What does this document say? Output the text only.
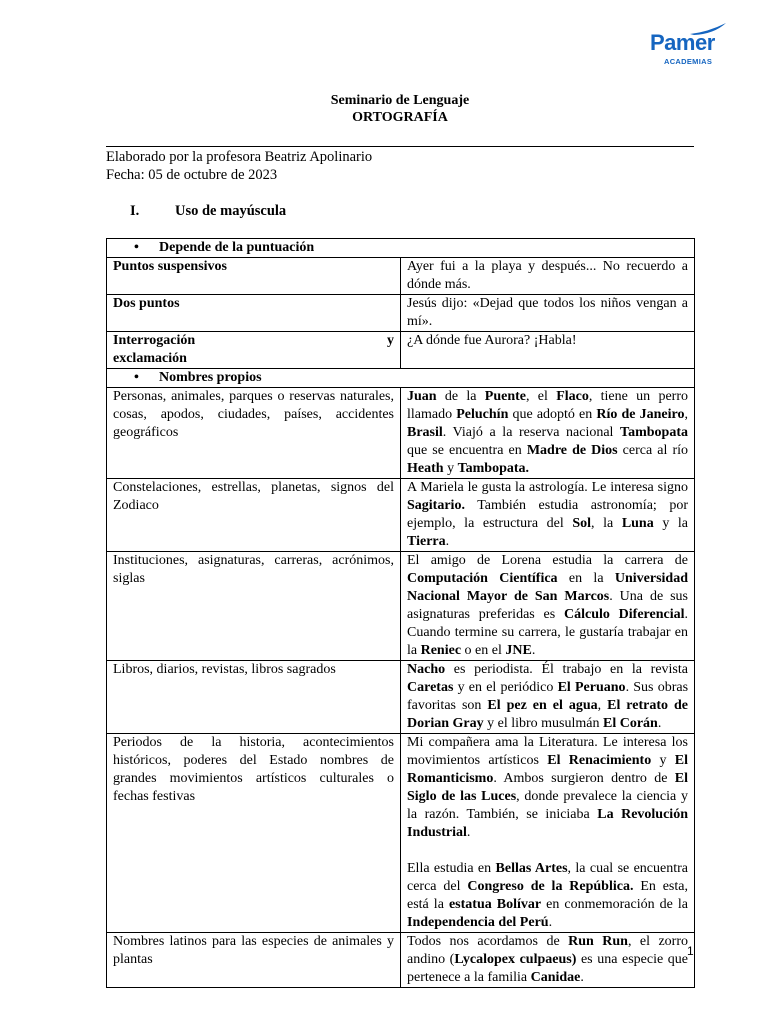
Pamer
ACADEMIAS
Seminario de Lenguaje
ORTOGRAFÍA
Elaborado por la profesora Beatriz Apolinario
Fecha: 05 de octubre de 2023
I. Uso de mayúscula
• Depende de la puntuación	
Puntos suspensivos	Ayer fui a la playa y después... No recuerdo a dónde más.
Dos puntos	Jesús dijo: «Dejad que todos los niños vengan a mí».

Interrogación y
exclamación	¿A dónde fue Aurora? ¡Habla!
• Nombres propios	
Personas, animales, parques o reservas naturales, cosas, apodos, ciudades, países, accidentes geográficos	Juan de la Puente, el Flaco, tiene un perro llamado Peluchín que adoptó en Río de Janeiro, Brasil. Viajó a la reserva nacional Tambopata que se encuentra en Madre de Dios cerca al río Heath y Tambopata.
Constelaciones, estrellas, planetas, signos del Zodiaco	A Mariela le gusta la astrología. Le interesa signo Sagitario. También estudia astronomía; por ejemplo, la estructura del Sol, la Luna y la Tierra.
Instituciones, asignaturas, carreras, acrónimos, siglas	El amigo de Lorena estudia la carrera de Computación Científica en la Universidad Nacional Mayor de San Marcos. Una de sus asignaturas preferidas es Cálculo Diferencial. Cuando termine su carrera, le gustaría trabajar en la Reniec o en el JNE.
Libros, diarios, revistas, libros sagrados	Nacho es periodista. Él trabajo en la revista Caretas y en el periódico El Peruano. Sus obras favoritas son El pez en el agua, El retrato de Dorian Gray y el libro musulmán El Corán.
Periodos de la historia, acontecimientos históricos, poderes del Estado nombres de grandes movimientos artísticos culturales o fechas festivas	Mi compañera ama la Literatura. Le interesa los movimientos artísticos El Renacimiento y El Romanticismo. Ambos surgieron dentro de El Siglo de las Luces, donde prevalece la ciencia y la razón. También, se iniciaba La Revolución Industrial.
Ella estudia en Bellas Artes, la cual se encuentra cerca del Congreso de la República. En esta, está la estatua Bolívar en conmemoración de la Independencia del Perú.

Nombres latinos para las especies de animales y plantas	Todos nos acordamos de Run Run, el zorro andino (Lycalopex culpaeus) es una especie que pertenece a la familia Canidae.
1
